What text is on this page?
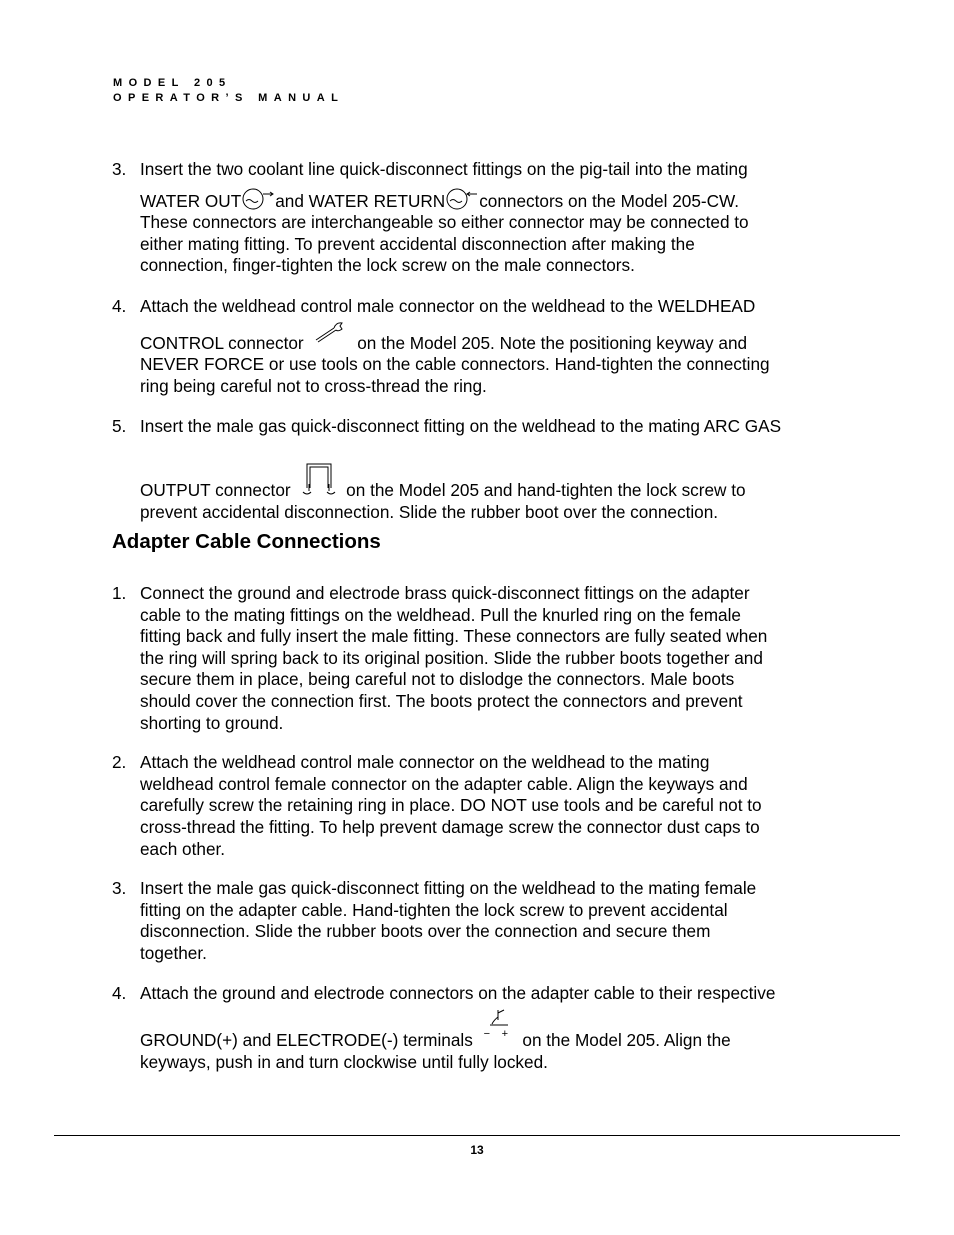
MODEL 205
OPERATOR’S MANUAL
3. Insert the two coolant line quick-disconnect fittings on the pig-tail into the mating
WATER OUT and WATER RETURN connectors on the Model 205-CW.
These connectors are interchangeable so either connector may be connected to
either mating fitting. To prevent accidental disconnection after making the
connection, finger-tighten the lock screw on the male connectors.
4. Attach the weldhead control male connector on the weldhead to the WELDHEAD
CONTROL connector	on the Model 205. Note the positioning keyway and
NEVER FORCE or use tools on the cable connectors. Hand-tighten the connecting
ring being careful not to cross-thread the ring.
5. Insert the male gas quick-disconnect fitting on the weldhead to the mating ARC GAS
OUTPUT connector	on the Model 205 and hand-tighten the lock screw to
prevent accidental disconnection. Slide the rubber boot over the connection.
Adapter Cable Connections
1. Connect the ground and electrode brass quick-disconnect fittings on the adapter
cable to the mating fittings on the weldhead. Pull the knurled ring on the female
fitting back and fully insert the male fitting. These connectors are fully seated when
the ring will spring back to its original position. Slide the rubber boots together and
secure them in place, being careful not to dislodge the connectors. Male boots
should cover the connection first. The boots protect the connectors and prevent
shorting to ground.
2. Attach the weldhead control male connector on the weldhead to the mating
weldhead control female connector on the adapter cable. Align the keyways and
carefully screw the retaining ring in place. DO NOT use tools and be careful not to
cross-thread the fitting. To help prevent damage screw the connector dust caps to
each other.
3. Insert the male gas quick-disconnect fitting on the weldhead to the mating female
fitting on the adapter cable. Hand-tighten the lock screw to prevent accidental
disconnection. Slide the rubber boots over the connection and secure them
together.
4. Attach the ground and electrode connectors on the adapter cable to their respective
GROUND(+) and ELECTRODE(-) terminals − + on the Model 205. Align the
keyways, push in and turn clockwise until fully locked.
13
